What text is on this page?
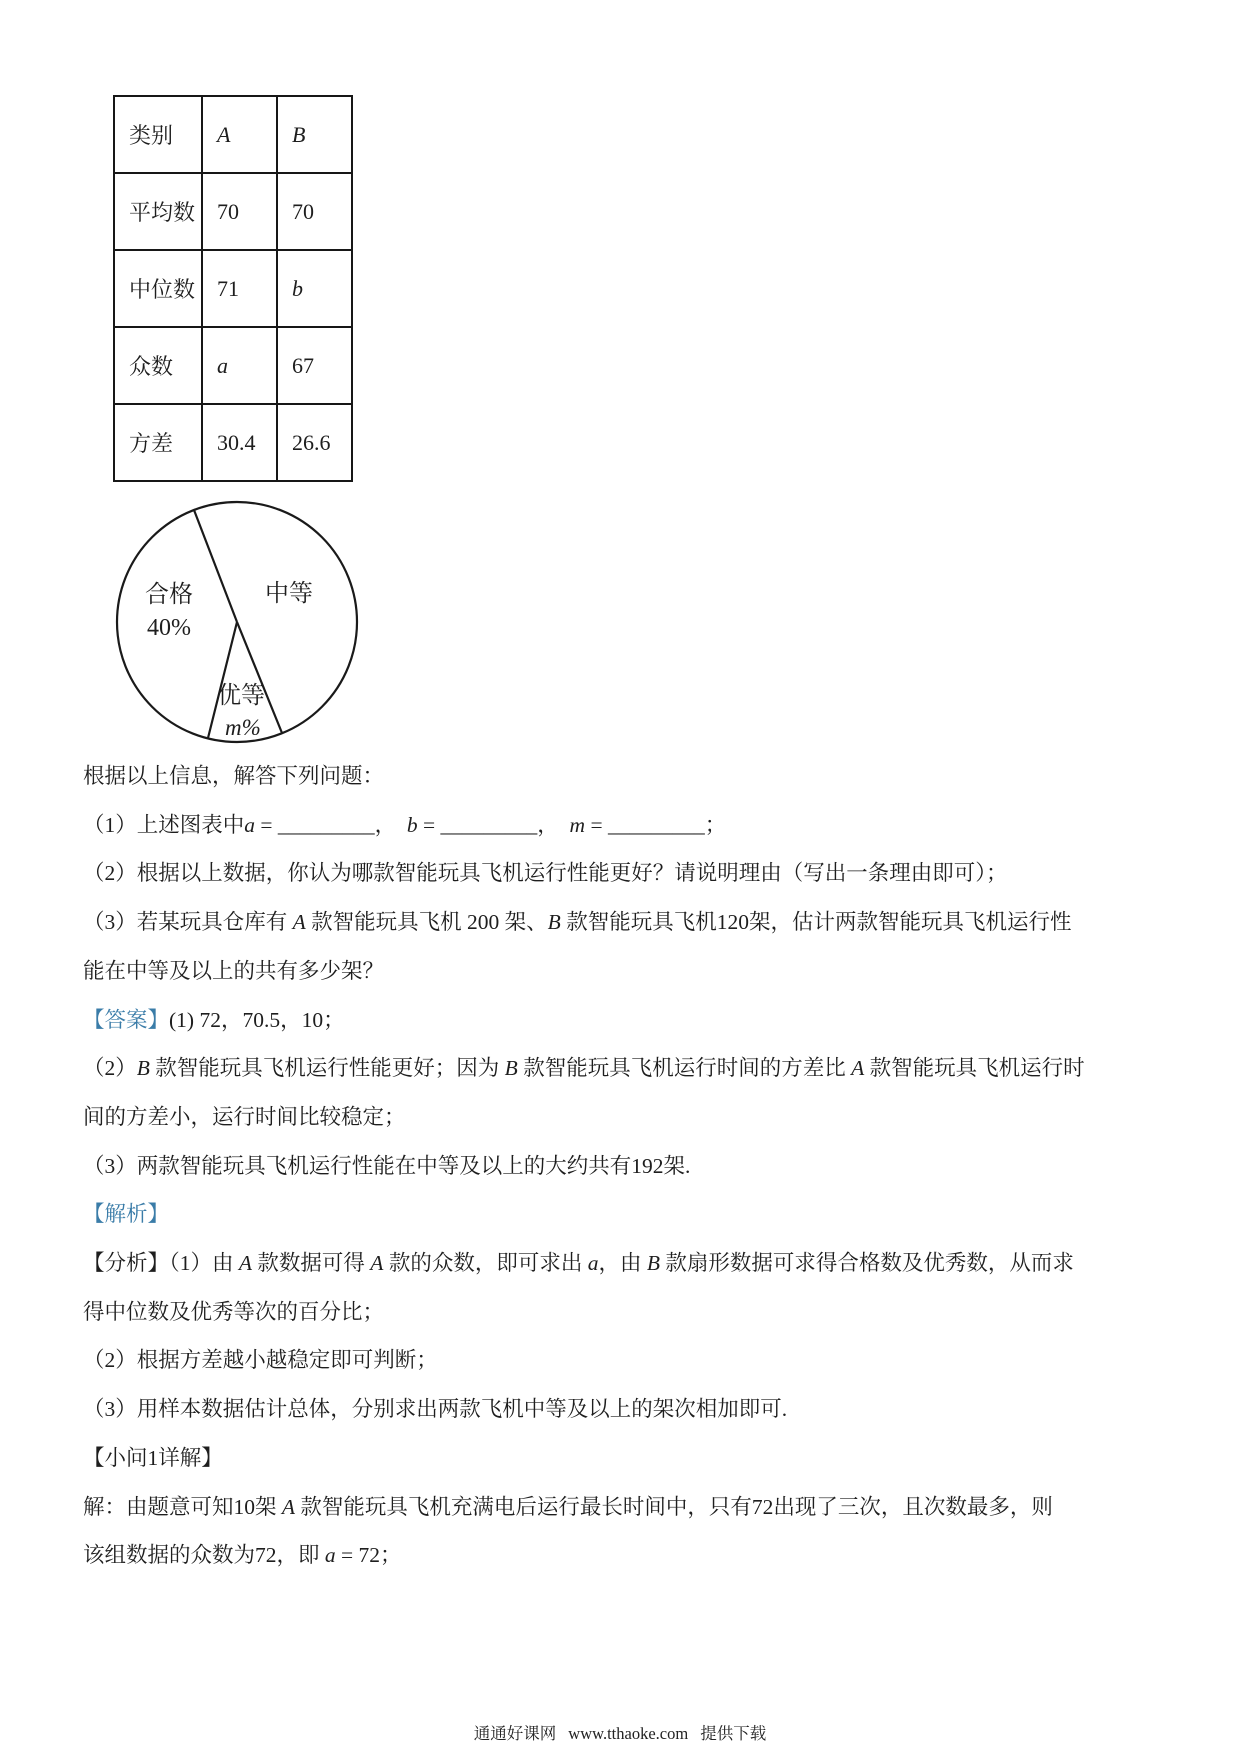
类别	A	B
平均数	70	70
中位数	71	b
众数	a	67
方差	30.4	26.6
合格
40%
中等
优等
m%

根据以上信息，解答下列问题：

（1）上述图表中a = _________，  b = _________，  m = _________；

（2）根据以上数据，你认为哪款智能玩具飞机运行性能更好？请说明理由（写出一条理由即可）；

（3）若某玩具仓库有 A 款智能玩具飞机 200 架、B 款智能玩具飞机120架，估计两款智能玩具飞机运行性

能在中等及以上的共有多少架？

【答案】(1) 72，70.5，10；

（2）B 款智能玩具飞机运行性能更好；因为 B 款智能玩具飞机运行时间的方差比 A 款智能玩具飞机运行时

间的方差小，运行时间比较稳定；

（3）两款智能玩具飞机运行性能在中等及以上的大约共有192架.

【解析】

【分析】（1）由 A 款数据可得 A 款的众数，即可求出 a，由 B 款扇形数据可求得合格数及优秀数，从而求

得中位数及优秀等次的百分比；

（2）根据方差越小越稳定即可判断；

（3）用样本数据估计总体，分别求出两款飞机中等及以上的架次相加即可.

【小问1详解】

解：由题意可知10架 A 款智能玩具飞机充满电后运行最长时间中，只有72出现了三次，且次数最多，则

该组数据的众数为72，即 a = 72；

通通好课网 www.tthaoke.com 提供下载
